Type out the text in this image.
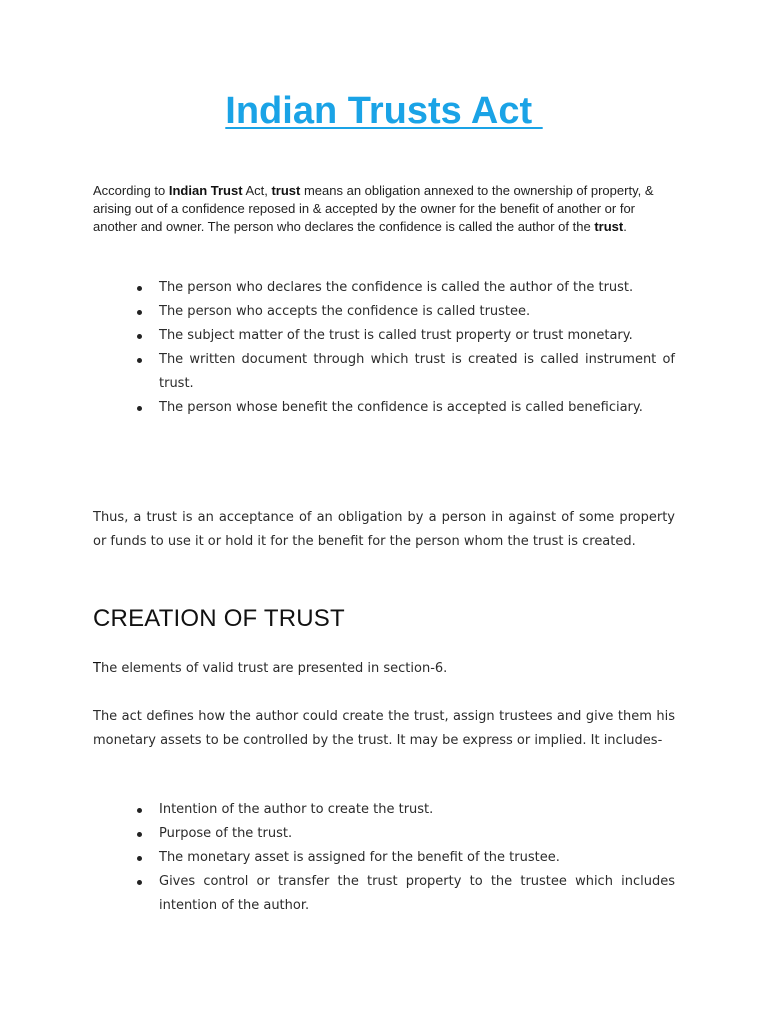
Indian Trusts Act

According to Indian Trust Act, trust means an obligation annexed to the ownership of property, & arising out of a confidence reposed in & accepted by the owner for the benefit of another or for another and owner. The person who declares the confidence is called the author of the trust.

The person who declares the confidence is called the author of the trust.
The person who accepts the confidence is called trustee.
The subject matter of the trust is called trust property or trust monetary.
The written document through which trust is created is called instrument of trust.
The person whose benefit the confidence is accepted is called beneficiary.

Thus, a trust is an acceptance of an obligation by a person in against of some property or funds to use it or hold it for the benefit for the person whom the trust is created.

CREATION OF TRUST

The elements of valid trust are presented in section-6.

The act defines how the author could create the trust, assign trustees and give them his monetary assets to be controlled by the trust. It may be express or implied. It includes-

Intention of the author to create the trust.
Purpose of the trust.
The monetary asset is assigned for the benefit of the trustee.
Gives control or transfer the trust property to the trustee which includes intention of the author.
